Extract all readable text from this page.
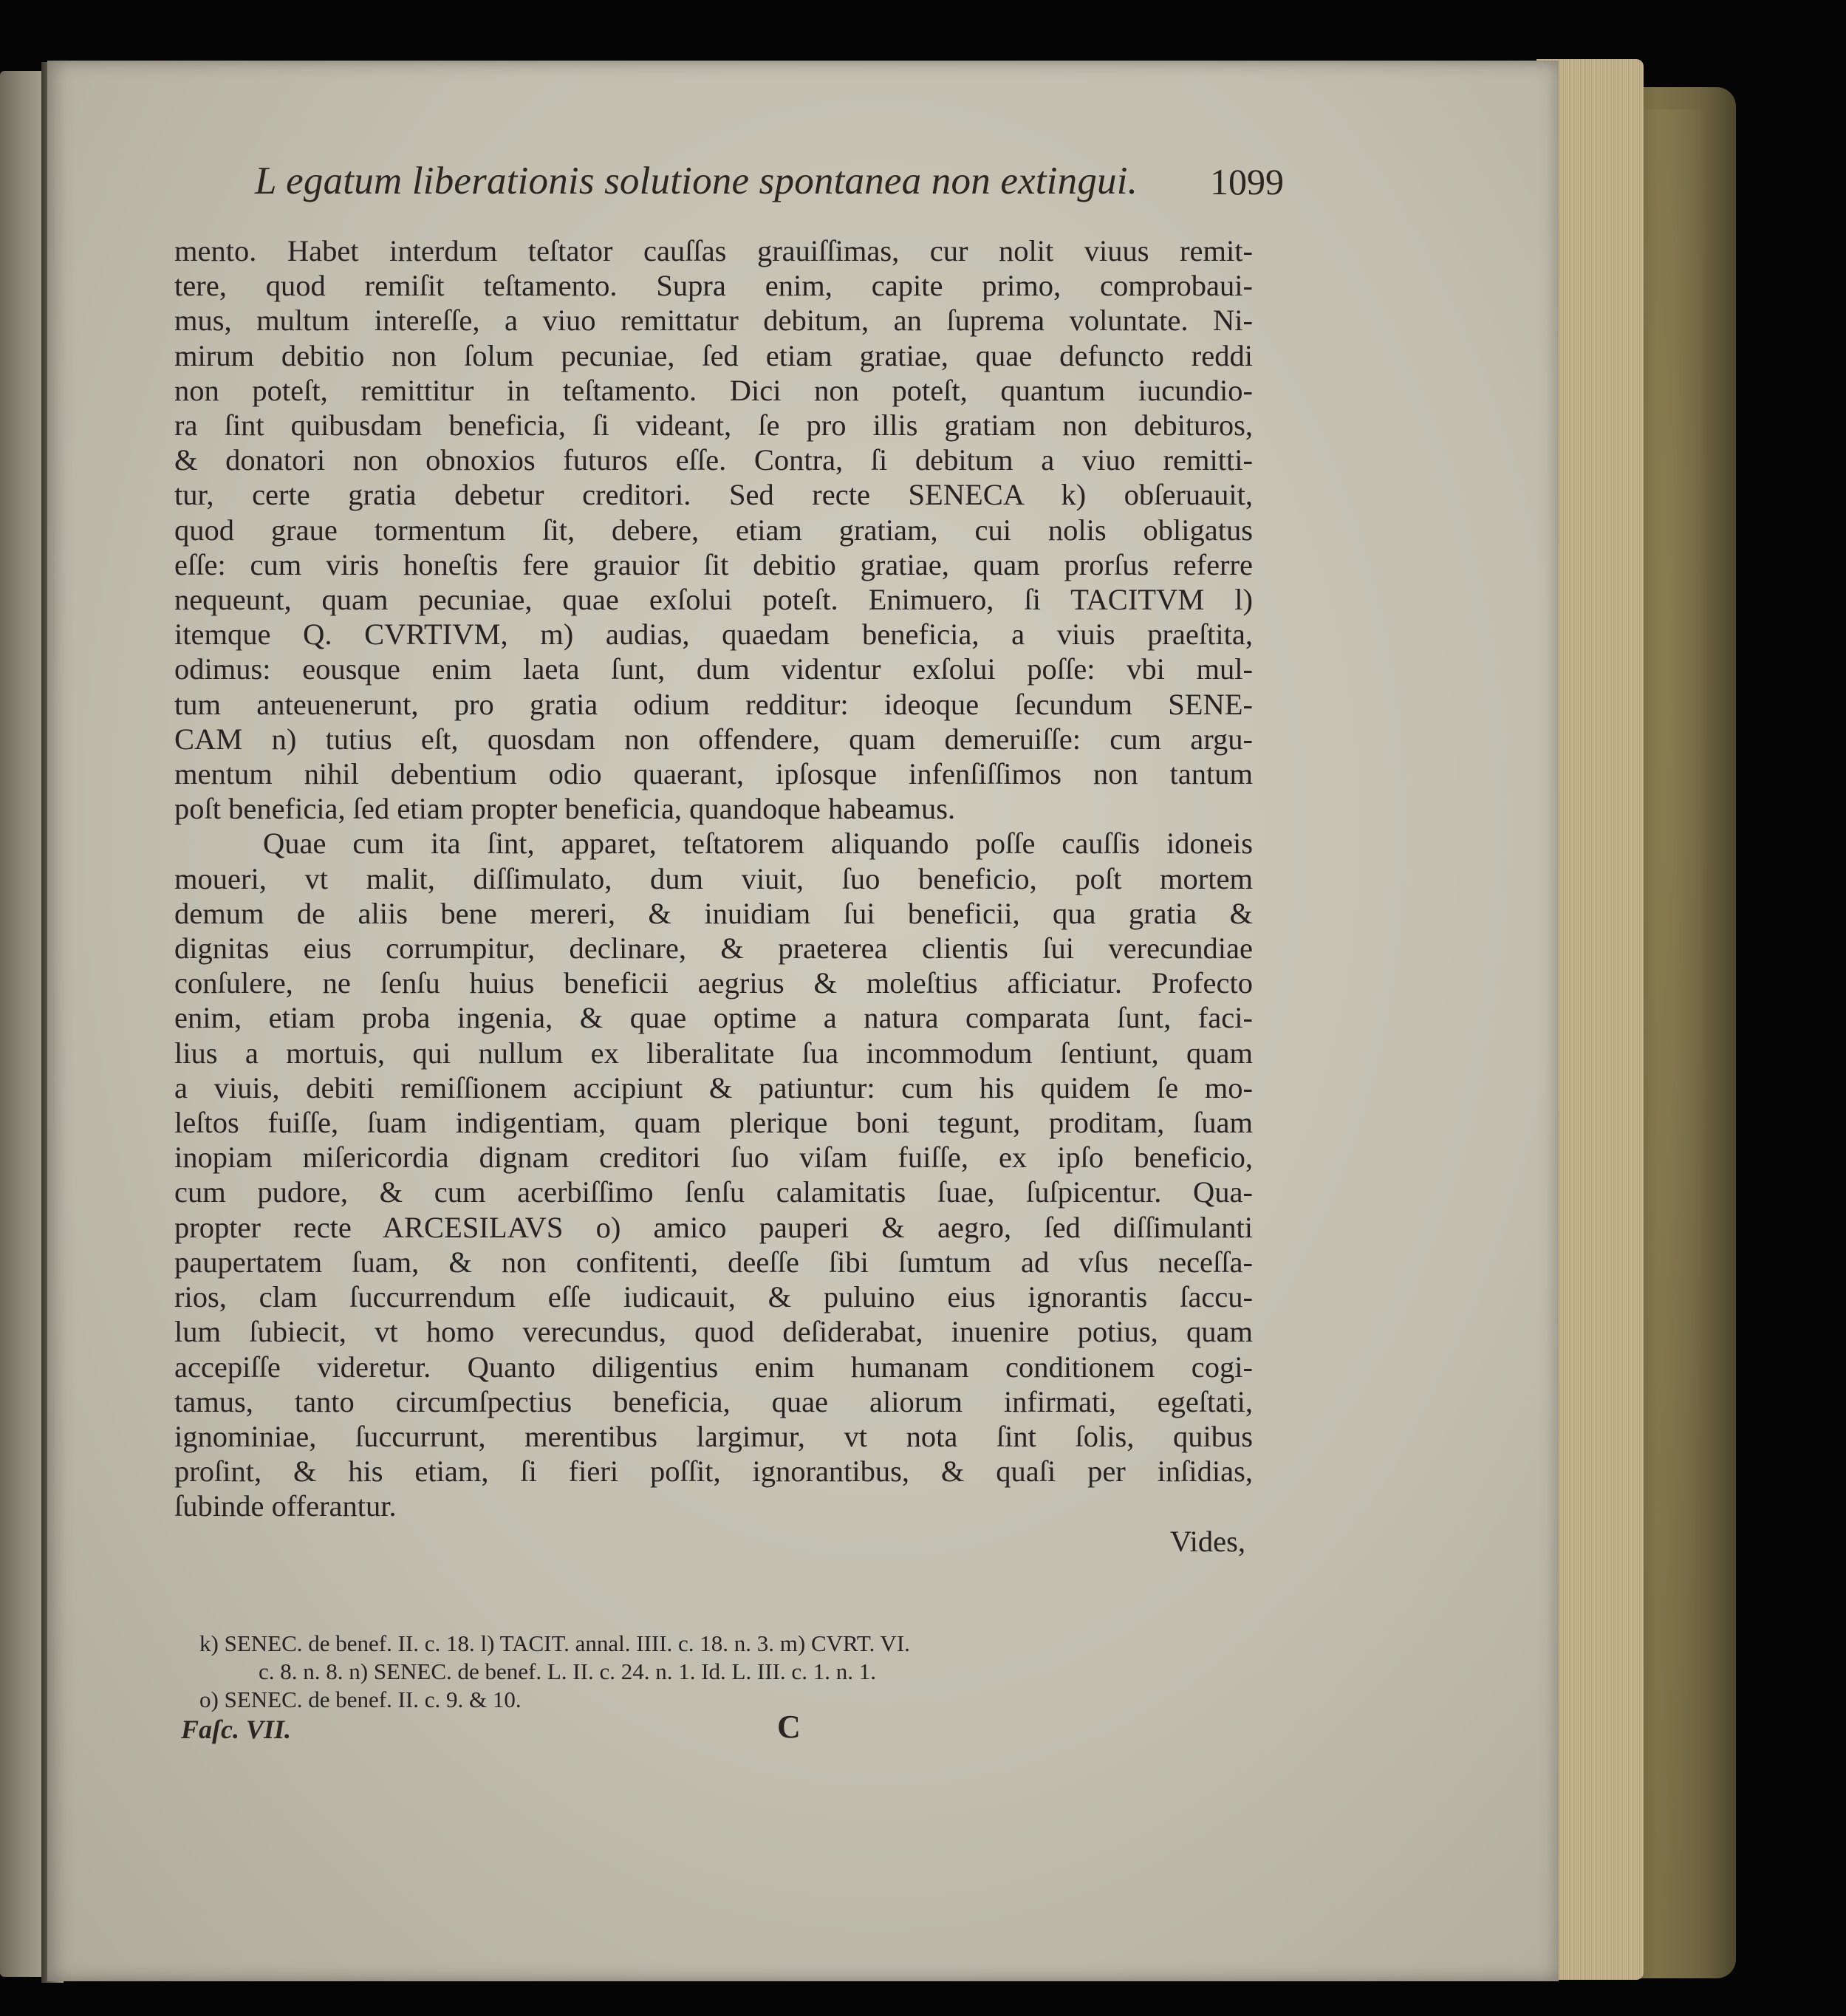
L egatum liberationis solutione spontanea non extingui. 1099
mento. Habet interdum teſtator cauſſas grauiſſimas, cur nolit viuus remit-
tere, quod remiſit teſtamento. Supra enim, capite primo, comprobaui-
mus, multum intereſſe, a viuo remittatur debitum, an ſuprema voluntate. Ni-
mirum debitio non ſolum pecuniae, ſed etiam gratiae, quae defuncto reddi
non poteſt, remittitur in teſtamento. Dici non poteſt, quantum iucundio-
ra ſint quibusdam beneficia, ſi videant, ſe pro illis gratiam non debituros,
& donatori non obnoxios futuros eſſe. Contra, ſi debitum a viuo remitti-
tur, certe gratia debetur creditori. Sed recte SENECA k) obſeruauit,
quod graue tormentum ſit, debere, etiam gratiam, cui nolis obligatus
eſſe: cum viris honeſtis fere grauior ſit debitio gratiae, quam prorſus referre
nequeunt, quam pecuniae, quae exſolui poteſt. Enimuero, ſi TACITVM l)
itemque Q. CVRTIVM, m) audias, quaedam beneficia, a viuis praeſtita,
odimus: eousque enim laeta ſunt, dum videntur exſolui poſſe: vbi mul-
tum anteuenerunt, pro gratia odium redditur: ideoque ſecundum SENE-
CAM n) tutius eſt, quosdam non offendere, quam demeruiſſe: cum argu-
mentum nihil debentium odio quaerant, ipſosque infenſiſſimos non tantum
poſt beneficia, ſed etiam propter beneficia, quandoque habeamus.
Quae cum ita ſint, apparet, teſtatorem aliquando poſſe cauſſis idoneis
moueri, vt malit, diſſimulato, dum viuit, ſuo beneficio, poſt mortem
demum de aliis bene mereri, & inuidiam ſui beneficii, qua gratia &
dignitas eius corrumpitur, declinare, & praeterea clientis ſui verecundiae
conſulere, ne ſenſu huius beneficii aegrius & moleſtius afficiatur. Profecto
enim, etiam proba ingenia, & quae optime a natura comparata ſunt, faci-
lius a mortuis, qui nullum ex liberalitate ſua incommodum ſentiunt, quam
a viuis, debiti remiſſionem accipiunt & patiuntur: cum his quidem ſe mo-
leſtos fuiſſe, ſuam indigentiam, quam plerique boni tegunt, proditam, ſuam
inopiam miſericordia dignam creditori ſuo viſam fuiſſe, ex ipſo beneficio,
cum pudore, & cum acerbiſſimo ſenſu calamitatis ſuae, ſuſpicentur. Qua-
propter recte ARCESILAVS o) amico pauperi & aegro, ſed diſſimulanti
paupertatem ſuam, & non confitenti, deeſſe ſibi ſumtum ad vſus neceſſa-
rios, clam ſuccurrendum eſſe iudicauit, & puluino eius ignorantis ſaccu-
lum ſubiecit, vt homo verecundus, quod deſiderabat, inuenire potius, quam
accepiſſe videretur. Quanto diligentius enim humanam conditionem cogi-
tamus, tanto circumſpectius beneficia, quae aliorum infirmati, egeſtati,
ignominiae, ſuccurrunt, merentibus largimur, vt nota ſint ſolis, quibus
proſint, & his etiam, ſi fieri poſſit, ignorantibus, & quaſi per inſidias,
ſubinde offerantur.
Vides,
k) SENEC. de benef. II. c. 18. l) TACIT. annal. IIII. c. 18. n. 3. m) CVRT. VI.
c. 8. n. 8. n) SENEC. de benef. L. II. c. 24. n. 1. Id. L. III. c. 1. n. 1.
o) SENEC. de benef. II. c. 9. & 10.
Faſc. VII.	C
